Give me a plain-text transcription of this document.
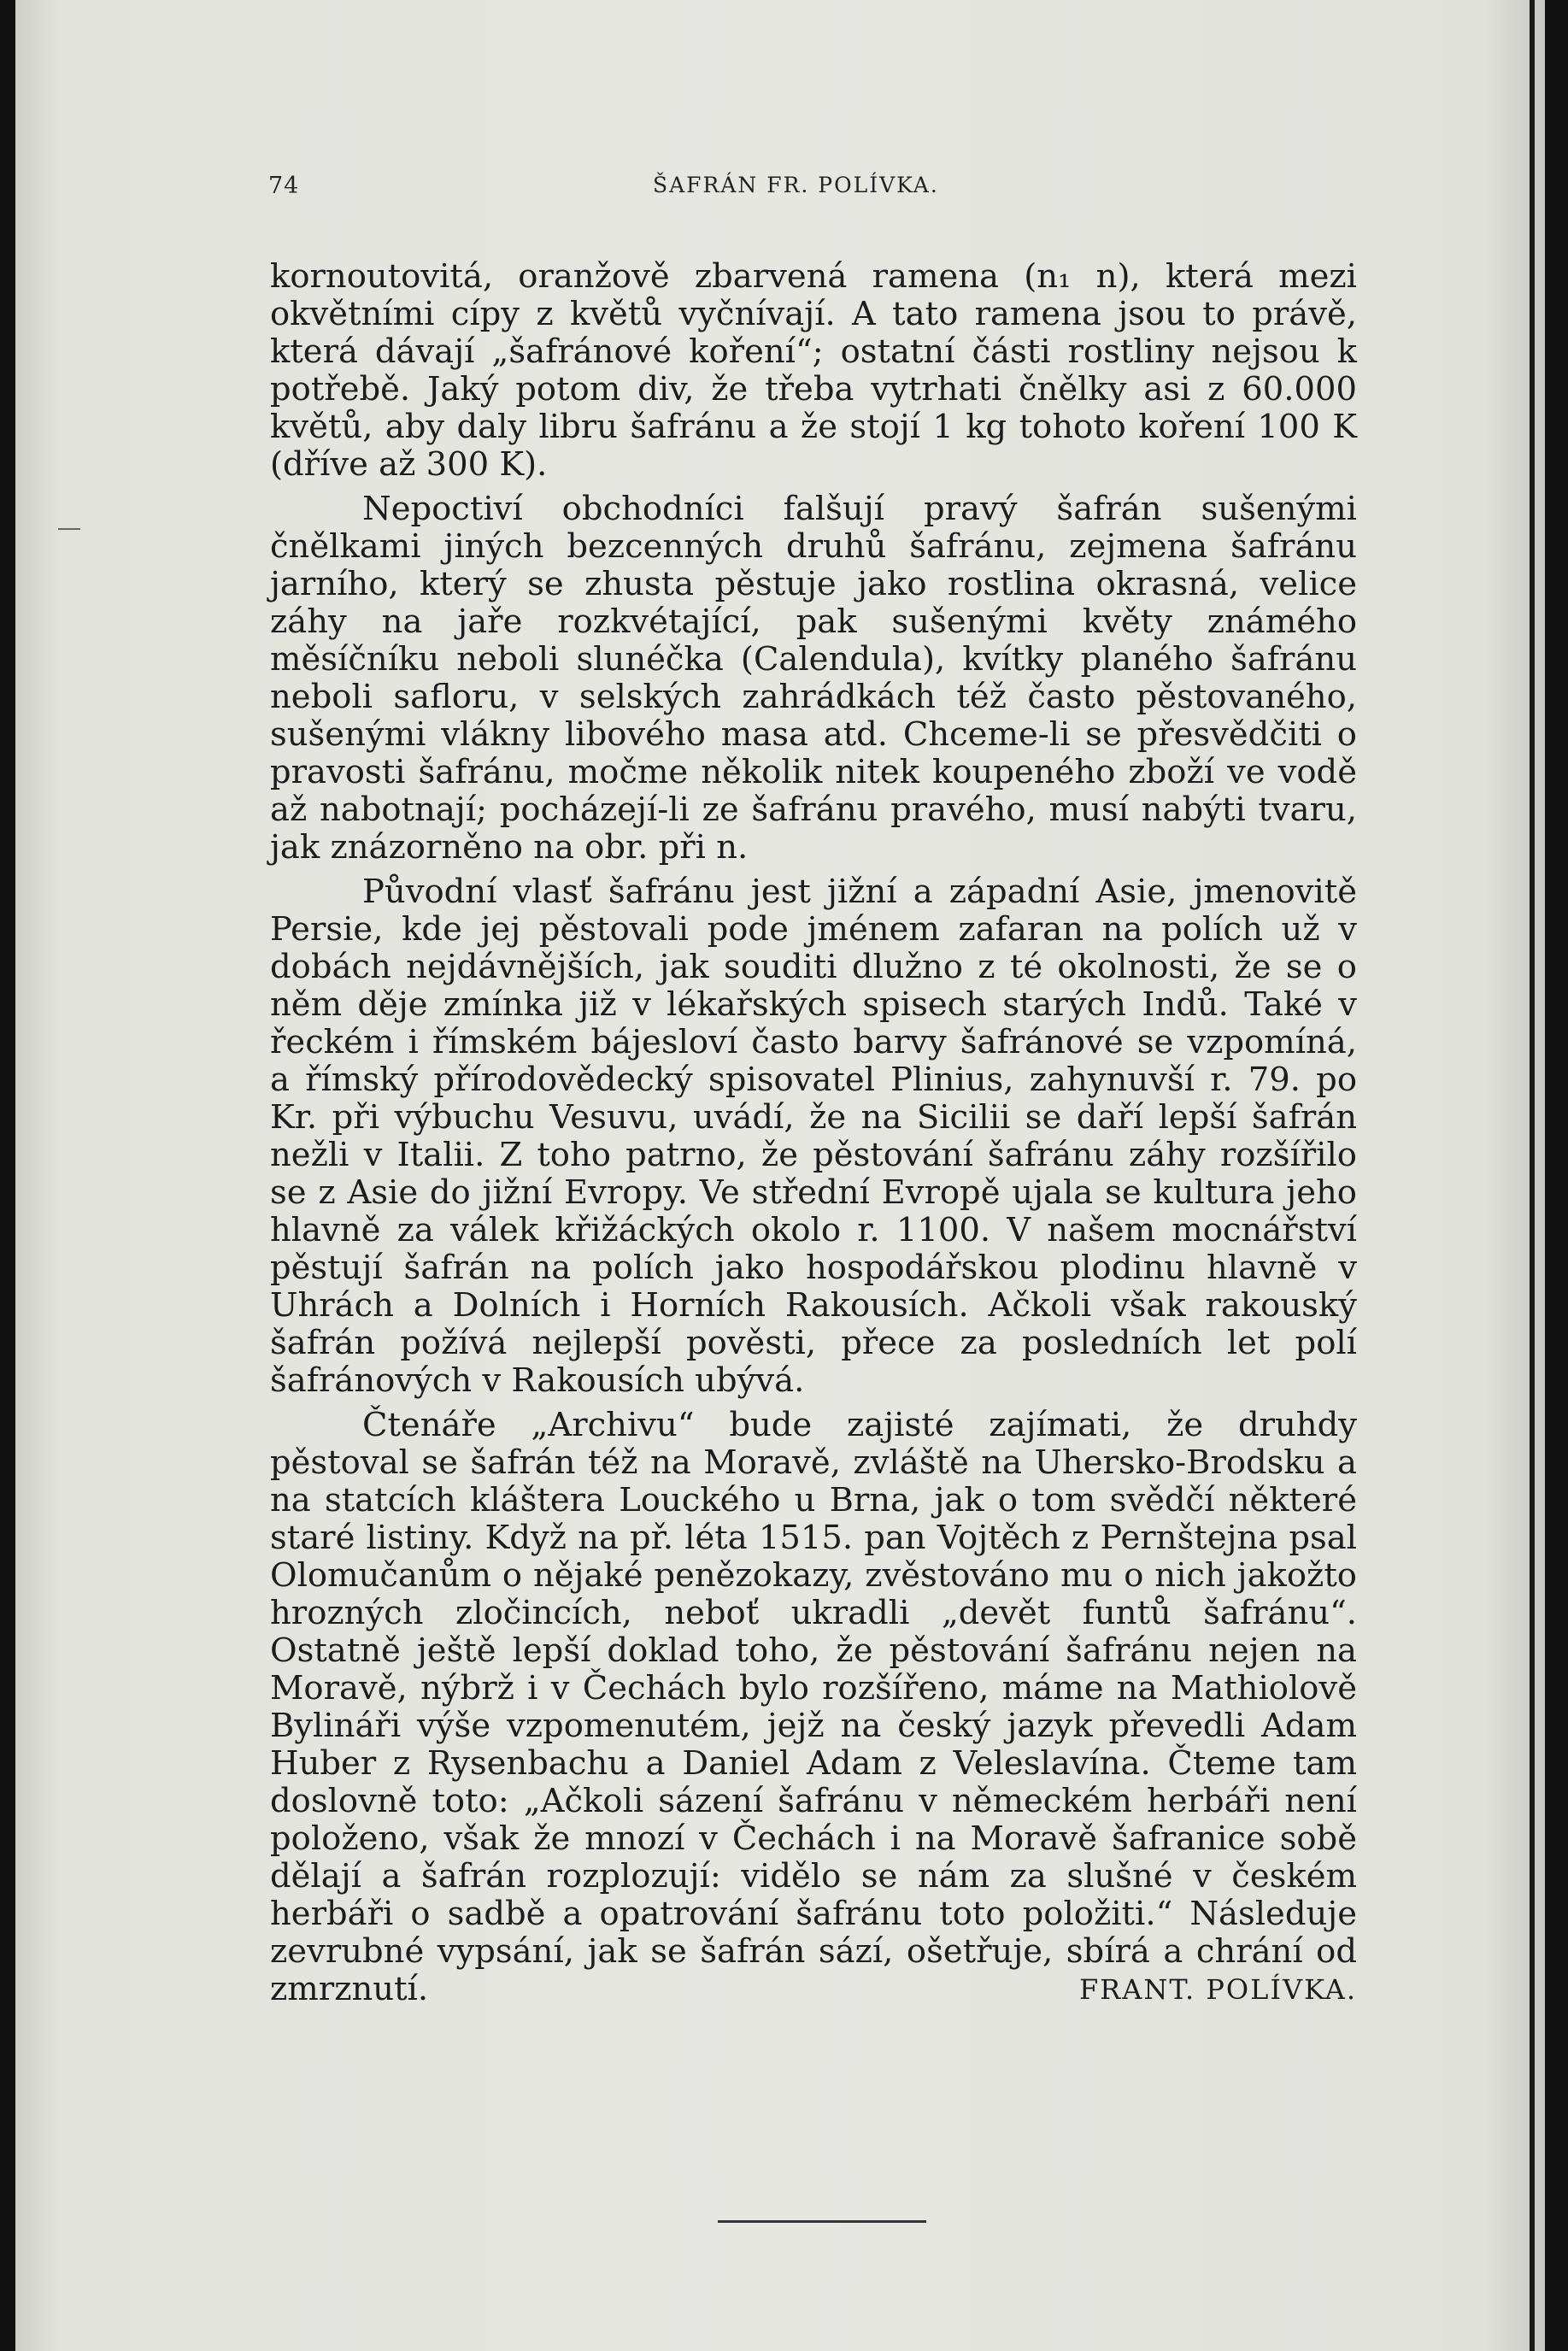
74	ŠAFRÁN FR. POLÍVKA.

kornoutovitá, oranžově zbarvená ramena (n₁ n), která mezi okvětními cípy z květů vyčnívají. A tato ramena jsou to právě, která dávají „šafránové koření“; ostatní části rostliny nejsou k potřebě. Jaký potom div, že třeba vytrhati čnělky asi z 60.000 květů, aby daly libru šafránu a že stojí 1 kg tohoto koření 100 K (dříve až 300 K).

Nepoctiví obchodníci falšují pravý šafrán sušenými čnělkami jiných bezcenných druhů šafránu, zejmena šafránu jarního, který se zhusta pěstuje jako rostlina okrasná, velice záhy na jaře rozkvétající, pak sušenými květy známého měsíčníku neboli slunéčka (Calendula), kvítky planého šafránu neboli safloru, v selských zahrádkách též často pěstovaného, sušenými vlákny libového masa atd. Chceme-li se přesvědčiti o pravosti šafránu, močme několik nitek koupeného zboží ve vodě až nabotnají; pocházejí-li ze šafránu pravého, musí nabýti tvaru, jak znázorněno na obr. při n.

Původní vlasť šafránu jest jižní a západní Asie, jmenovitě Persie, kde jej pěstovali pode jménem zafaran na polích už v dobách nejdávnějších, jak souditi dlužno z té okolnosti, že se o něm děje zmínka již v lékařských spisech starých Indů. Také v řeckém i římském bájesloví často barvy šafránové se vzpomíná, a římský přírodovědecký spisovatel Plinius, zahynuvší r. 79. po Kr. při výbuchu Vesuvu, uvádí, že na Sicilii se daří lepší šafrán nežli v Italii. Z toho patrno, že pěstování šafránu záhy rozšířilo se z Asie do jižní Evropy. Ve střední Evropě ujala se kultura jeho hlavně za válek křižáckých okolo r. 1100. V našem mocnářství pěstují šafrán na polích jako hospodářskou plodinu hlavně v Uhrách a Dolních i Horních Rakousích. Ačkoli však rakouský šafrán požívá nejlepší pověsti, přece za posledních let polí šafránových v Rakousích ubývá.

Čtenáře „Archivu“ bude zajisté zajímati, že druhdy pěstoval se šafrán též na Moravě, zvláště na Uhersko-Brodsku a na statcích kláštera Louckého u Brna, jak o tom svědčí některé staré listiny. Když na př. léta 1515. pan Vojtěch z Pernštejna psal Olomučanům o nějaké penězokazy, zvěstováno mu o nich jakožto hrozných zločincích, neboť ukradli „devět funtů šafránu“. Ostatně ještě lepší doklad toho, že pěstování šafránu nejen na Moravě, nýbrž i v Čechách bylo rozšířeno, máme na Mathiolově Bylináři výše vzpomenutém, jejž na český jazyk převedli Adam Huber z Rysenbachu a Daniel Adam z Veleslavína. Čteme tam doslovně toto: „Ačkoli sázení šafránu v německém herbáři není položeno, však že mnozí v Čechách i na Moravě šafranice sobě dělají a šafrán rozplozují: vidělo se nám za slušné v českém herbáři o sadbě a opatrování šafránu toto položiti.“ Následuje zevrubné vypsání, jak se šafrán sází, ošetřuje, sbírá a chrání od zmrznutí.	FRANT. POLÍVKA.
